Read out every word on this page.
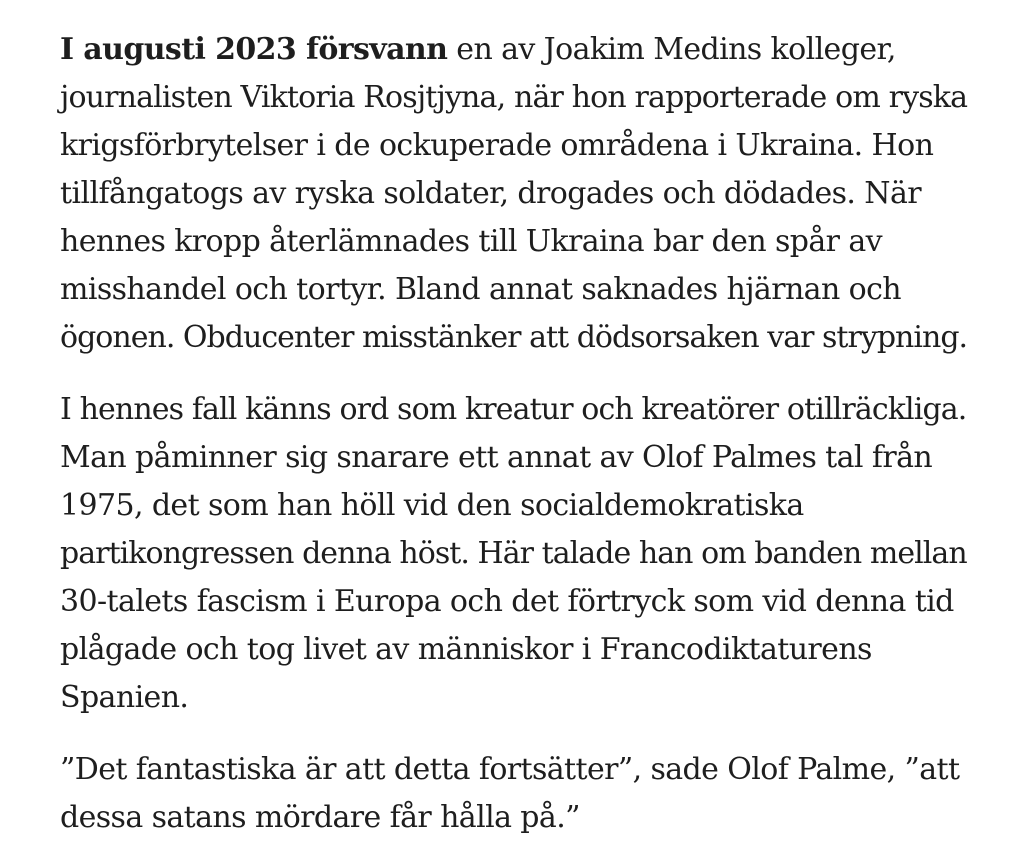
I augusti 2023 försvann en av Joakim Medins kolleger,
journalisten Viktoria Rosjtjyna, när hon rapporterade om ryska
krigsförbrytelser i de ockuperade områdena i Ukraina. Hon
tillfångatogs av ryska soldater, drogades och dödades. När
hennes kropp återlämnades till Ukraina bar den spår av
misshandel och tortyr. Bland annat saknades hjärnan och
ögonen. Obducenter misstänker att dödsorsaken var strypning.

I hennes fall känns ord som kreatur och kreatörer otillräckliga.
Man påminner sig snarare ett annat av Olof Palmes tal från
1975, det som han höll vid den socialdemokratiska
partikongressen denna höst. Här talade han om banden mellan
30-talets fascism i Europa och det förtryck som vid denna tid
plågade och tog livet av människor i Francodiktaturens
Spanien.

”Det fantastiska är att detta fortsätter”, sade Olof Palme, ”att
dessa satans mördare får hålla på.”
